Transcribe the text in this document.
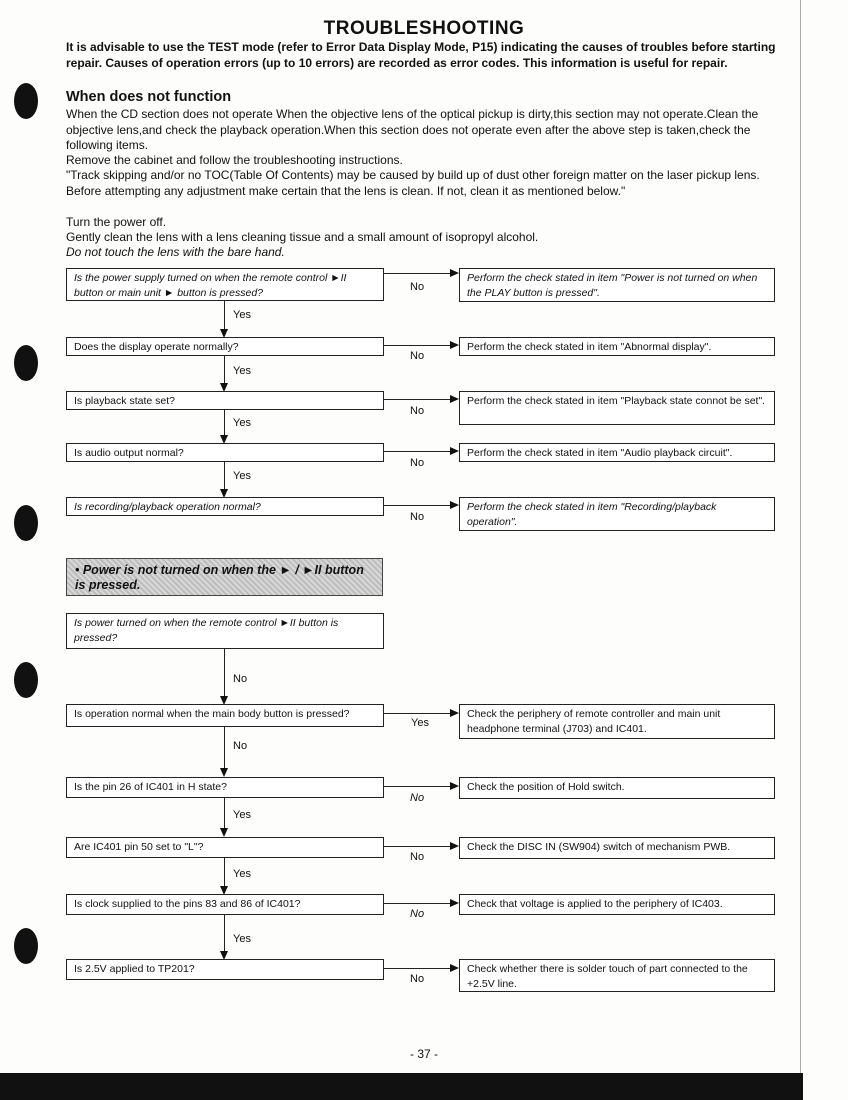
TROUBLESHOOTING
It is advisable to use the TEST mode (refer to Error Data Display Mode, P15) indicating the causes of troubles before starting repair. Causes of operation errors (up to 10 errors) are recorded as error codes. This information is useful for repair.
When does not function
When the CD section does not operate When the objective lens of the optical pickup is dirty,this section may not operate.Clean the objective lens,and check the playback operation.When this section does not operate even after the above step is taken,check the following items.
Remove the cabinet and follow the troubleshooting instructions.
"Track skipping and/or no TOC(Table Of Contents) may be caused by build up of dust other foreign matter on the laser pickup lens. Before attempting any adjustment make certain that the lens is clean. If not, clean it as mentioned below."
Turn the power off.
Gently clean the lens with a lens cleaning tissue and a small amount of isopropyl alcohol.
Do not touch the lens with the bare hand.
Is the power supply turned on when the remote control ►II button or main unit ► button is pressed?
Perform the check stated in item "Power is not turned on when the PLAY button is pressed".
No
Yes
Does the display operate normally?	Perform the check stated in item "Abnormal display".
No
Yes
Is playback state set?	Perform the check stated in item "Playback state connot be set".
No
Yes
Is audio output normal?	Perform the check stated in item "Audio playback circuit".
No
Yes
Is recording/playback operation normal?	Perform the check stated in item "Recording/playback operation".
No
• Power is not turned on when the ► / ►II button is pressed.
Is power turned on when the remote control ►II button is pressed?
No
Is operation normal when the main body button is pressed?	Check the periphery of remote controller and main unit headphone terminal (J703) and IC401.
Yes
No
Is the pin 26 of IC401 in H state?	Check the position of Hold switch.
No
Yes
Are IC401 pin 50 set to "L"?	Check the DISC IN (SW904) switch of mechanism PWB.
No
Yes
Is clock supplied to the pins 83 and 86 of IC401?	Check that voltage is applied to the periphery of IC403.
No
Yes
Is 2.5V applied to TP201?	Check whether there is solder touch of part connected to the +2.5V line.
No
- 37 -
